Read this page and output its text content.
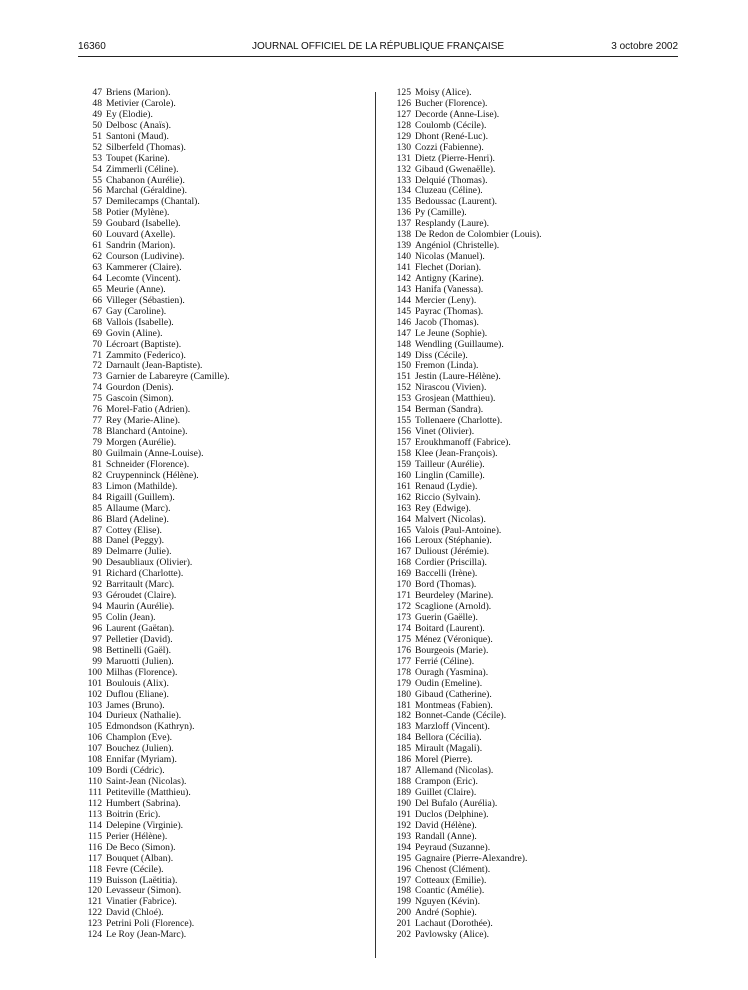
16360	JOURNAL OFFICIEL DE LA RÉPUBLIQUE FRANÇAISE	3 octobre 2002
47 Briens (Marion).
48 Metivier (Carole).
49 Ey (Elodie).
50 Delbosc (Anaïs).
51 Santoni (Maud).
52 Silberfeld (Thomas).
53 Toupet (Karine).
54 Zimmerli (Céline).
55 Chabanon (Aurélie).
56 Marchal (Géraldine).
57 Demilecamps (Chantal).
58 Potier (Mylène).
59 Goubard (Isabelle).
60 Louvard (Axelle).
61 Sandrin (Marion).
62 Courson (Ludivine).
63 Kammerer (Claire).
64 Lecomte (Vincent).
65 Meurie (Anne).
66 Villeger (Sébastien).
67 Gay (Caroline).
68 Vallois (Isabelle).
69 Govin (Aline).
70 Lécroart (Baptiste).
71 Zammito (Federico).
72 Darnault (Jean-Baptiste).
73 Garnier de Labareyre (Camille).
74 Gourdon (Denis).
75 Gascoin (Simon).
76 Morel-Fatio (Adrien).
77 Rey (Marie-Aline).
78 Blanchard (Antoine).
79 Morgen (Aurélie).
80 Guilmain (Anne-Louise).
81 Schneider (Florence).
82 Cruypenninck (Hélène).
83 Limon (Mathilde).
84 Rigaill (Guillem).
85 Allaume (Marc).
86 Blard (Adeline).
87 Cottey (Elise).
88 Danel (Peggy).
89 Delmarre (Julie).
90 Desaubliaux (Olivier).
91 Richard (Charlotte).
92 Barritault (Marc).
93 Géroudet (Claire).
94 Maurin (Aurélie).
95 Colin (Jean).
96 Laurent (Gaëtan).
97 Pelletier (David).
98 Bettinelli (Gaël).
99 Maruotti (Julien).
100 Milhas (Florence).
101 Boulouis (Alix).
102 Duflou (Eliane).
103 James (Bruno).
104 Durieux (Nathalie).
105 Edmondson (Kathryn).
106 Champlon (Eve).
107 Bouchez (Julien).
108 Ennifar (Myriam).
109 Bordi (Cédric).
110 Saint-Jean (Nicolas).
111 Petiteville (Matthieu).
112 Humbert (Sabrina).
113 Boitrin (Eric).
114 Delepine (Virginie).
115 Perier (Hélène).
116 De Beco (Simon).
117 Bouquet (Alban).
118 Fevre (Cécile).
119 Buisson (Laëtitia).
120 Levasseur (Simon).
121 Vinatier (Fabrice).
122 David (Chloé).
123 Petrini Poli (Florence).
124 Le Roy (Jean-Marc).
125 Moisy (Alice).
126 Bucher (Florence).
127 Decorde (Anne-Lise).
128 Coulomb (Cécile).
129 Dhont (René-Luc).
130 Cozzi (Fabienne).
131 Dietz (Pierre-Henri).
132 Gibaud (Gwenaëlle).
133 Delquié (Thomas).
134 Cluzeau (Céline).
135 Bedoussac (Laurent).
136 Py (Camille).
137 Resplandy (Laure).
138 De Redon de Colombier (Louis).
139 Angéniol (Christelle).
140 Nicolas (Manuel).
141 Flechet (Dorian).
142 Antigny (Karine).
143 Hanifa (Vanessa).
144 Mercier (Leny).
145 Payrac (Thomas).
146 Jacob (Thomas).
147 Le Jeune (Sophie).
148 Wendling (Guillaume).
149 Diss (Cécile).
150 Fremon (Linda).
151 Jestin (Laure-Hélène).
152 Nirascou (Vivien).
153 Grosjean (Matthieu).
154 Berman (Sandra).
155 Tollenaere (Charlotte).
156 Vinet (Olivier).
157 Eroukhmanoff (Fabrice).
158 Klee (Jean-François).
159 Tailleur (Aurélie).
160 Linglin (Camille).
161 Renaud (Lydie).
162 Riccio (Sylvain).
163 Rey (Edwige).
164 Malvert (Nicolas).
165 Valois (Paul-Antoine).
166 Leroux (Stéphanie).
167 Dulioust (Jérémie).
168 Cordier (Priscilla).
169 Baccelli (Irène).
170 Bord (Thomas).
171 Beurdeley (Marine).
172 Scaglione (Arnold).
173 Guerin (Gaëlle).
174 Boitard (Laurent).
175 Ménez (Véronique).
176 Bourgeois (Marie).
177 Ferrié (Céline).
178 Ouragh (Yasmina).
179 Oudin (Emeline).
180 Gibaud (Catherine).
181 Montmeas (Fabien).
182 Bonnet-Cande (Cécile).
183 Marzloff (Vincent).
184 Bellora (Cécilia).
185 Mirault (Magali).
186 Morel (Pierre).
187 Allemand (Nicolas).
188 Crampon (Eric).
189 Guillet (Claire).
190 Del Bufalo (Aurélia).
191 Duclos (Delphine).
192 David (Hélène).
193 Randall (Anne).
194 Peyraud (Suzanne).
195 Gagnaire (Pierre-Alexandre).
196 Chenost (Clément).
197 Cotteaux (Emilie).
198 Coantic (Amélie).
199 Nguyen (Kévin).
200 André (Sophie).
201 Lachaut (Dorothée).
202 Pavlowsky (Alice).
